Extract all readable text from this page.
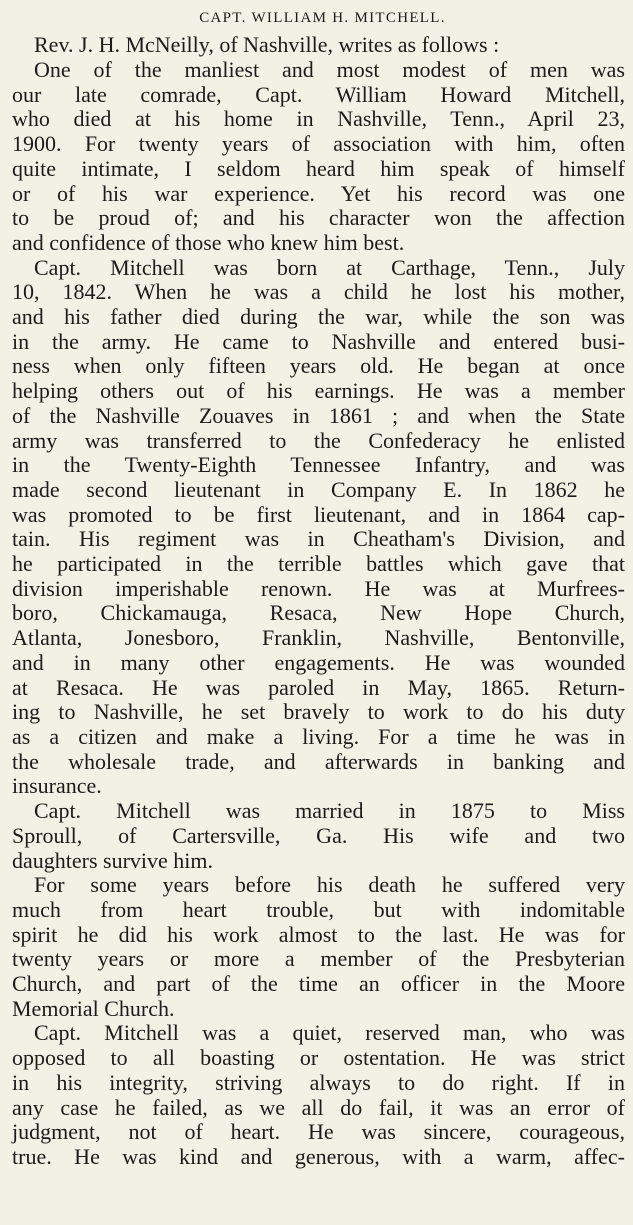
CAPT. WILLIAM H. MITCHELL.
Rev. J. H. McNeilly, of Nashville, writes as follows :
One of the manliest and most modest of men was
our late comrade, Capt. William Howard Mitchell,
who died at his home in Nashville, Tenn., April 23,
1900. For twenty years of association with him, often
quite intimate, I seldom heard him speak of himself
or of his war experience. Yet his record was one
to be proud of; and his character won the affection
and confidence of those who knew him best.
Capt. Mitchell was born at Carthage, Tenn., July
10, 1842. When he was a child he lost his mother,
and his father died during the war, while the son was
in the army. He came to Nashville and entered busi-
ness when only fifteen years old. He began at once
helping others out of his earnings. He was a member
of the Nashville Zouaves in 1861 ; and when the State
army was transferred to the Confederacy he enlisted
in the Twenty-Eighth Tennessee Infantry, and was
made second lieutenant in Company E. In 1862 he
was promoted to be first lieutenant, and in 1864 cap-
tain. His regiment was in Cheatham's Division, and
he participated in the terrible battles which gave that
division imperishable renown. He was at Murfrees-
boro, Chickamauga, Resaca, New Hope Church,
Atlanta, Jonesboro, Franklin, Nashville, Bentonville,
and in many other engagements. He was wounded
at Resaca. He was paroled in May, 1865. Return-
ing to Nashville, he set bravely to work to do his duty
as a citizen and make a living. For a time he was in
the wholesale trade, and afterwards in banking and
insurance.
Capt. Mitchell was married in 1875 to Miss
Sproull, of Cartersville, Ga. His wife and two
daughters survive him.
For some years before his death he suffered very
much from heart trouble, but with indomitable
spirit he did his work almost to the last. He was for
twenty years or more a member of the Presbyterian
Church, and part of the time an officer in the Moore
Memorial Church.
Capt. Mitchell was a quiet, reserved man, who was
opposed to all boasting or ostentation. He was strict
in his integrity, striving always to do right. If in
any case he failed, as we all do fail, it was an error of
judgment, not of heart. He was sincere, courageous,
true. He was kind and generous, with a warm, affec-
